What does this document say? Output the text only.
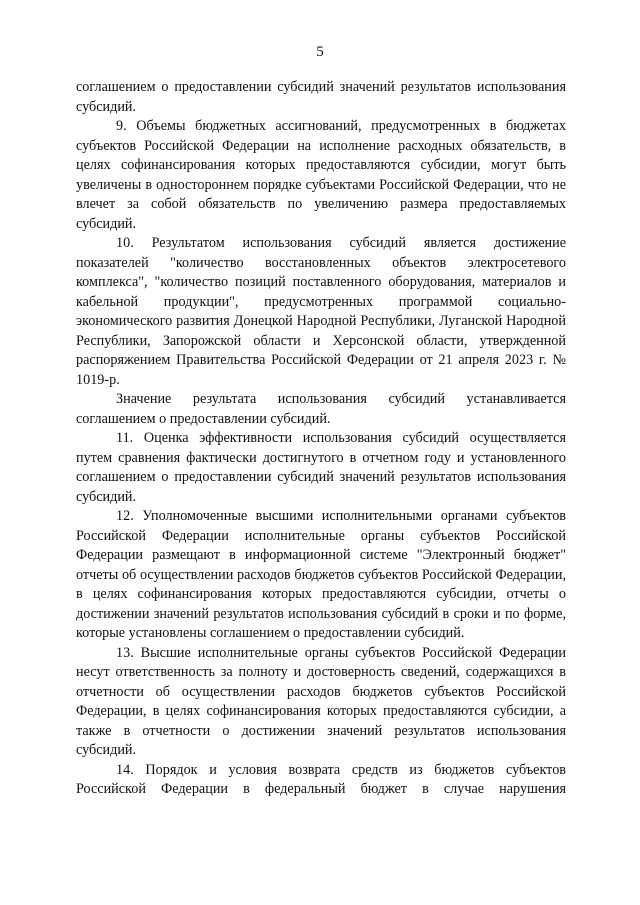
5

соглашением о предоставлении субсидий значений результатов использования субсидий.

9. Объемы бюджетных ассигнований, предусмотренных в бюджетах субъектов Российской Федерации на исполнение расходных обязательств, в целях софинансирования которых предоставляются субсидии, могут быть увеличены в одностороннем порядке субъектами Российской Федерации, что не влечет за собой обязательств по увеличению размера предоставляемых субсидий.

10. Результатом использования субсидий является достижение показателей "количество восстановленных объектов электросетевого комплекса", "количество позиций поставленного оборудования, материалов и кабельной продукции", предусмотренных программой социально-экономического развития Донецкой Народной Республики, Луганской Народной Республики, Запорожской области и Херсонской области, утвержденной распоряжением Правительства Российской Федерации от 21 апреля 2023 г. № 1019-р.

Значение результата использования субсидий устанавливается соглашением о предоставлении субсидий.

11. Оценка эффективности использования субсидий осуществляется путем сравнения фактически достигнутого в отчетном году и установленного соглашением о предоставлении субсидий значений результатов использования субсидий.

12. Уполномоченные высшими исполнительными органами субъектов Российской Федерации исполнительные органы субъектов Российской Федерации размещают в информационной системе "Электронный бюджет" отчеты об осуществлении расходов бюджетов субъектов Российской Федерации, в целях софинансирования которых предоставляются субсидии, отчеты о достижении значений результатов использования субсидий в сроки и по форме, которые установлены соглашением о предоставлении субсидий.

13. Высшие исполнительные органы субъектов Российской Федерации несут ответственность за полноту и достоверность сведений, содержащихся в отчетности об осуществлении расходов бюджетов субъектов Российской Федерации, в целях софинансирования которых предоставляются субсидии, а также в отчетности о достижении значений результатов использования субсидий.

14. Порядок и условия возврата средств из бюджетов субъектов Российской Федерации в федеральный бюджет в случае нарушения
